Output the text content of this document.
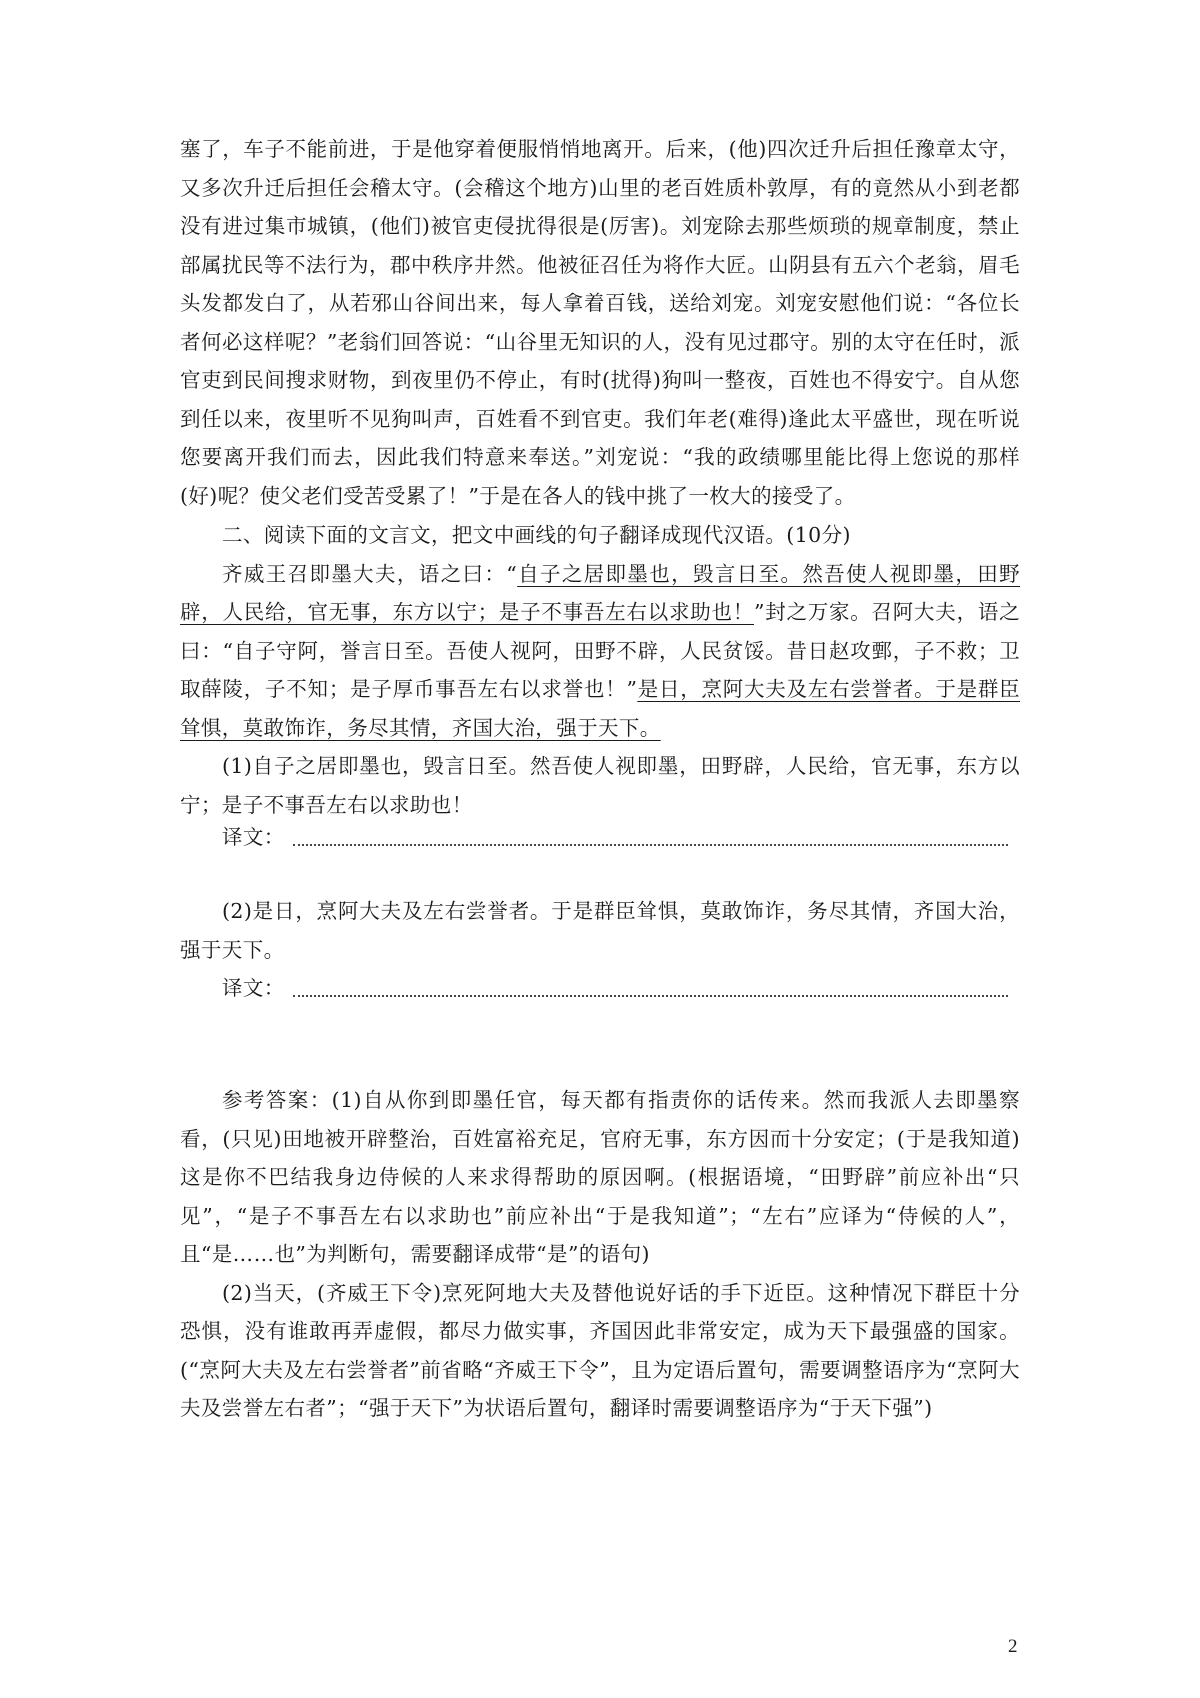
塞了，车子不能前进，于是他穿着便服悄悄地离开。后来，(他)四次迁升后担任豫章太守，又多次升迁后担任会稽太守。(会稽这个地方)山里的老百姓质朴敦厚，有的竟然从小到老都没有进过集市城镇，(他们)被官吏侵扰得很是(厉害)。刘宠除去那些烦琐的规章制度，禁止部属扰民等不法行为，郡中秩序井然。他被征召任为将作大匠。山阴县有五六个老翁，眉毛头发都发白了，从若邪山谷间出来，每人拿着百钱，送给刘宠。刘宠安慰他们说：“各位长者何必这样呢？”老翁们回答说：“山谷里无知识的人，没有见过郡守。别的太守在任时，派官吏到民间搜求财物，到夜里仍不停止，有时(扰得)狗叫一整夜，百姓也不得安宁。自从您到任以来，夜里听不见狗叫声，百姓看不到官吏。我们年老(难得)逢此太平盛世，现在听说您要离开我们而去，因此我们特意来奉送。”刘宠说：“我的政绩哪里能比得上您说的那样(好)呢？使父老们受苦受累了！”于是在各人的钱中挑了一枚大的接受了。

二、阅读下面的文言文，把文中画线的句子翻译成现代汉语。(10分)

齐威王召即墨大夫，语之曰：“自子之居即墨也，毁言日至。然吾使人视即墨，田野辟，人民给，官无事，东方以宁；是子不事吾左右以求助也！”封之万家。召阿大夫，语之曰：“自子守阿，誉言日至。吾使人视阿，田野不辟，人民贫馁。昔日赵攻鄄，子不救；卫取薛陵，子不知；是子厚币事吾左右以求誉也！”是日，烹阿大夫及左右尝誉者。于是群臣耸惧，莫敢饰诈，务尽其情，齐国大治，强于天下。

(1)自子之居即墨也，毁言日至。然吾使人视即墨，田野辟，人民给，官无事，东方以宁；是子不事吾左右以求助也！

译文：

(2)是日，烹阿大夫及左右尝誉者。于是群臣耸惧，莫敢饰诈，务尽其情，齐国大治，强于天下。

译文：

参考答案：(1)自从你到即墨任官，每天都有指责你的话传来。然而我派人去即墨察看，(只见)田地被开辟整治，百姓富裕充足，官府无事，东方因而十分安定；(于是我知道)这是你不巴结我身边侍候的人来求得帮助的原因啊。(根据语境，“田野辟”前应补出“只见”，“是子不事吾左右以求助也”前应补出“于是我知道”；“左右”应译为“侍候的人”，且“是……也”为判断句，需要翻译成带“是”的语句)

(2)当天，(齐威王下令)烹死阿地大夫及替他说好话的手下近臣。这种情况下群臣十分恐惧，没有谁敢再弄虚假，都尽力做实事，齐国因此非常安定，成为天下最强盛的国家。(“烹阿大夫及左右尝誉者”前省略“齐威王下令”，且为定语后置句，需要调整语序为“烹阿大夫及尝誉左右者”；“强于天下”为状语后置句，翻译时需要调整语序为“于天下强”)

2
